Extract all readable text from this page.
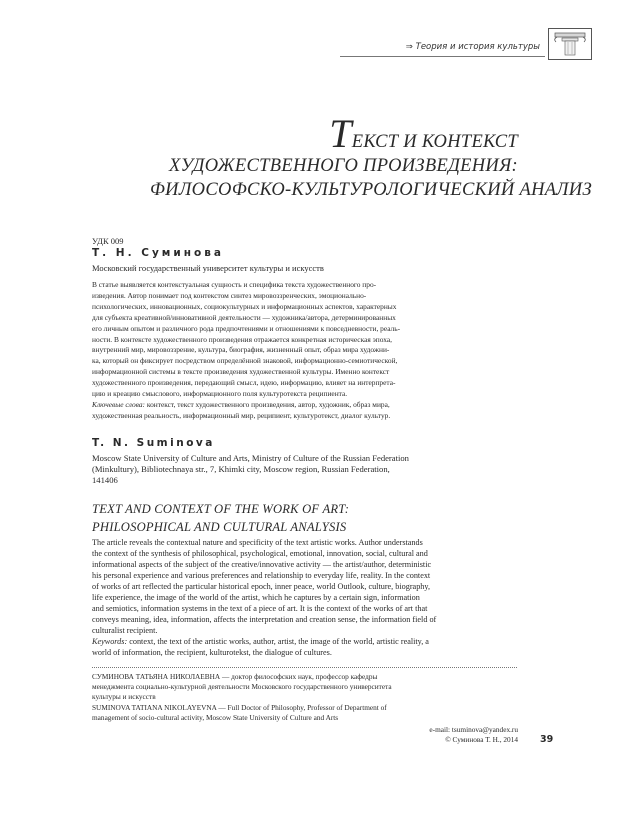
⇒ Теория и история культуры
ТЕКСТ И КОНТЕКСТ
ХУДОЖЕСТВЕННОГО ПРОИЗВЕДЕНИЯ:
ФИЛОСОФСКО-КУЛЬТУРОЛОГИЧЕСКИЙ АНАЛИЗ
УДК 009
Т. Н. Суминова
Московский государственный университет культуры и искусств
В статье выявляется контекстуальная сущность и специфика текста художественного про-
изведения. Автор понимает под контекстом синтез мировоззренческих, эмоционально-
психологических, инновационных, социокультурных и информационных аспектов, характерных
для субъекта креативной/инновативной деятельности — художника/автора, детерминированных
его личным опытом и различного рода предпочтениями и отношениями к повседневности, реаль-
ности. В контексте художественного произведения отражается конкретная историческая эпоха,
внутренний мир, мировоззрение, культура, биография, жизненный опыт, образ мира художни-
ка, который он фиксирует посредством определённой знаковой, информационно-семиотической,
информационной системы в тексте произведения художественной культуры. Именно контекст
художественного произведения, передающий смысл, идею, информацию, влияет на интерпрета-
цию и креацию смыслового, информационного поля культуротекста реципиента.
Ключевые слова: контекст, текст художественного произведения, автор, художник, образ мира,
художественная реальность, информационный мир, реципиент, культуротекст, диалог культур.
T. N. Suminova
Moscow State University of Culture and Arts, Ministry of Culture of the Russian Federation
(Minkultury), Bibliotechnaya str., 7, Khimki city, Moscow region, Russian Federation,
141406
TEXT AND CONTEXT OF THE WORK OF ART:
PHILOSOPHICAL AND CULTURAL ANALYSIS
The article reveals the contextual nature and specificity of the text artistic works. Author understands
the context of the synthesis of philosophical, psychological, emotional, innovation, social, cultural and
informational aspects of the subject of the creative/innovative activity — the artist/author, deterministic
his personal experience and various preferences and relationship to everyday life, reality. In the context
of works of art reflected the particular historical epoch, inner peace, world Outlook, culture, biography,
life experience, the image of the world of the artist, which he captures by a certain sign, information
and semiotics, information systems in the text of a piece of art. It is the context of the works of art that
conveys meaning, idea, information, affects the interpretation and creation sense, the information field of
culturalist recipient.
Keywords: context, the text of the artistic works, author, artist, the image of the world, artistic reality, a
world of information, the recipient, kulturotekst, the dialogue of cultures.
СУМИНОВА ТАТЬЯНА НИКОЛАЕВНА — доктор философских наук, профессор кафедры
менеджмента социально-культурной деятельности Московского государственного университета
культуры и искусств
SUMINOVA TATIANA NIKOLAYEVNA — Full Doctor of Philosophy, Professor of Department of
management of socio-cultural activity, Moscow State University of Culture and Arts
e-mail: tsuminova@yandex.ru
© Суминова Т. Н., 2014 39
